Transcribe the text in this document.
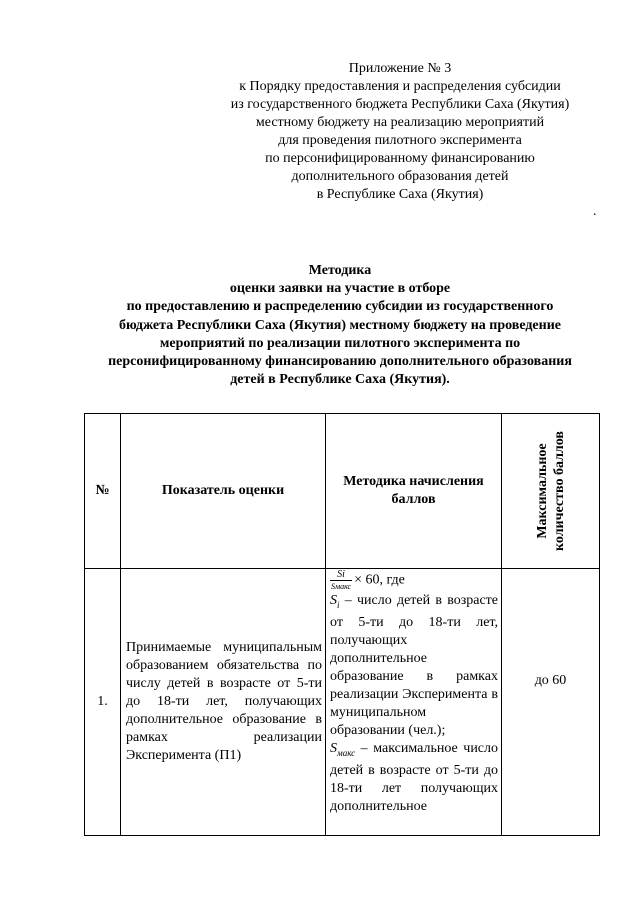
Приложение № 3
к Порядку предоставления и распределения субсидии
из государственного бюджета Республики Саха (Якутия)
местному бюджету на реализацию мероприятий
для проведения пилотного эксперимента
по персонифицированному финансированию
дополнительного образования детей
в Республике Саха (Якутия)
.
Методика
оценки заявки на участие в отборе
по предоставлению и распределению субсидии из государственного
бюджета Республики Саха (Якутия) местному бюджету на проведение
мероприятий по реализации пилотного эксперимента по
персонифицированному финансированию дополнительного образования
детей в Республике Саха (Якутия).
№	Показатель оценки	Методика начисления баллов	Максимальное количество баллов

1.	Принимаемые муниципальным образованием обязательства по числу детей в возрасте от 5-ти до 18-ти лет, получающих дополнительное образование в рамках реализации Эксперимента (П1)	$\frac{Si}{\text{Sмакс}} \times 60$, где
$S_i$ – число детей в возрасте от 5-ти до 18-ти лет, получающих дополнительное образование в рамках реализации Эксперимента в муниципальном образовании (чел.);
$S_{макс}$ – максимальное число детей в возрасте от 5-ти до 18-ти лет получающих дополнительное	до 60
